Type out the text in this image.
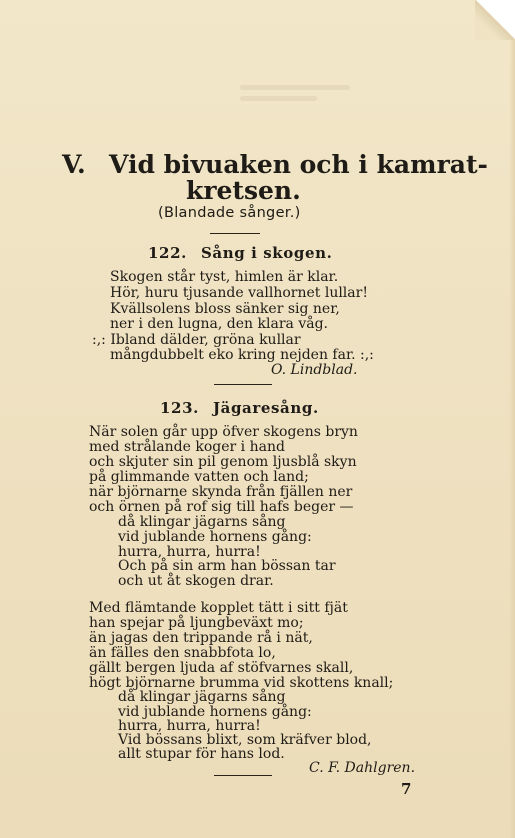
V. Vid bivuaken och i kamrat-
kretsen.
(Blandade sånger.)
122. Sång i skogen.
Skogen står tyst, himlen är klar.
Hör, huru tjusande vallhornet lullar!
Kvällsolens bloss sänker sig ner,
ner i den lugna, den klara våg.
:,: Ibland dälder, gröna kullar
mångdubbelt eko kring nejden far. :,:
O. Lindblad.
123. Jägaresång.
När solen går upp öfver skogens bryn
med strålande koger i hand
och skjuter sin pil genom ljusblå skyn
på glimmande vatten och land;
när björnarne skynda från fjällen ner
och örnen på rof sig till hafs beger —
då klingar jägarns sång
vid jublande hornens gång:
hurra, hurra, hurra!
Och på sin arm han bössan tar
och ut åt skogen drar.
Med flämtande kopplet tätt i sitt fjät
han spejar på ljungbeväxt mo;
än jagas den trippande rå i nät,
än fälles den snabbfota lo,
gällt bergen ljuda af stöfvarnes skall,
högt björnarne brumma vid skottens knall;
då klingar jägarns sång
vid jublande hornens gång:
hurra, hurra, hurra!
Vid bössans blixt, som kräfver blod,
allt stupar för hans lod.
C. F. Dahlgren.
7
